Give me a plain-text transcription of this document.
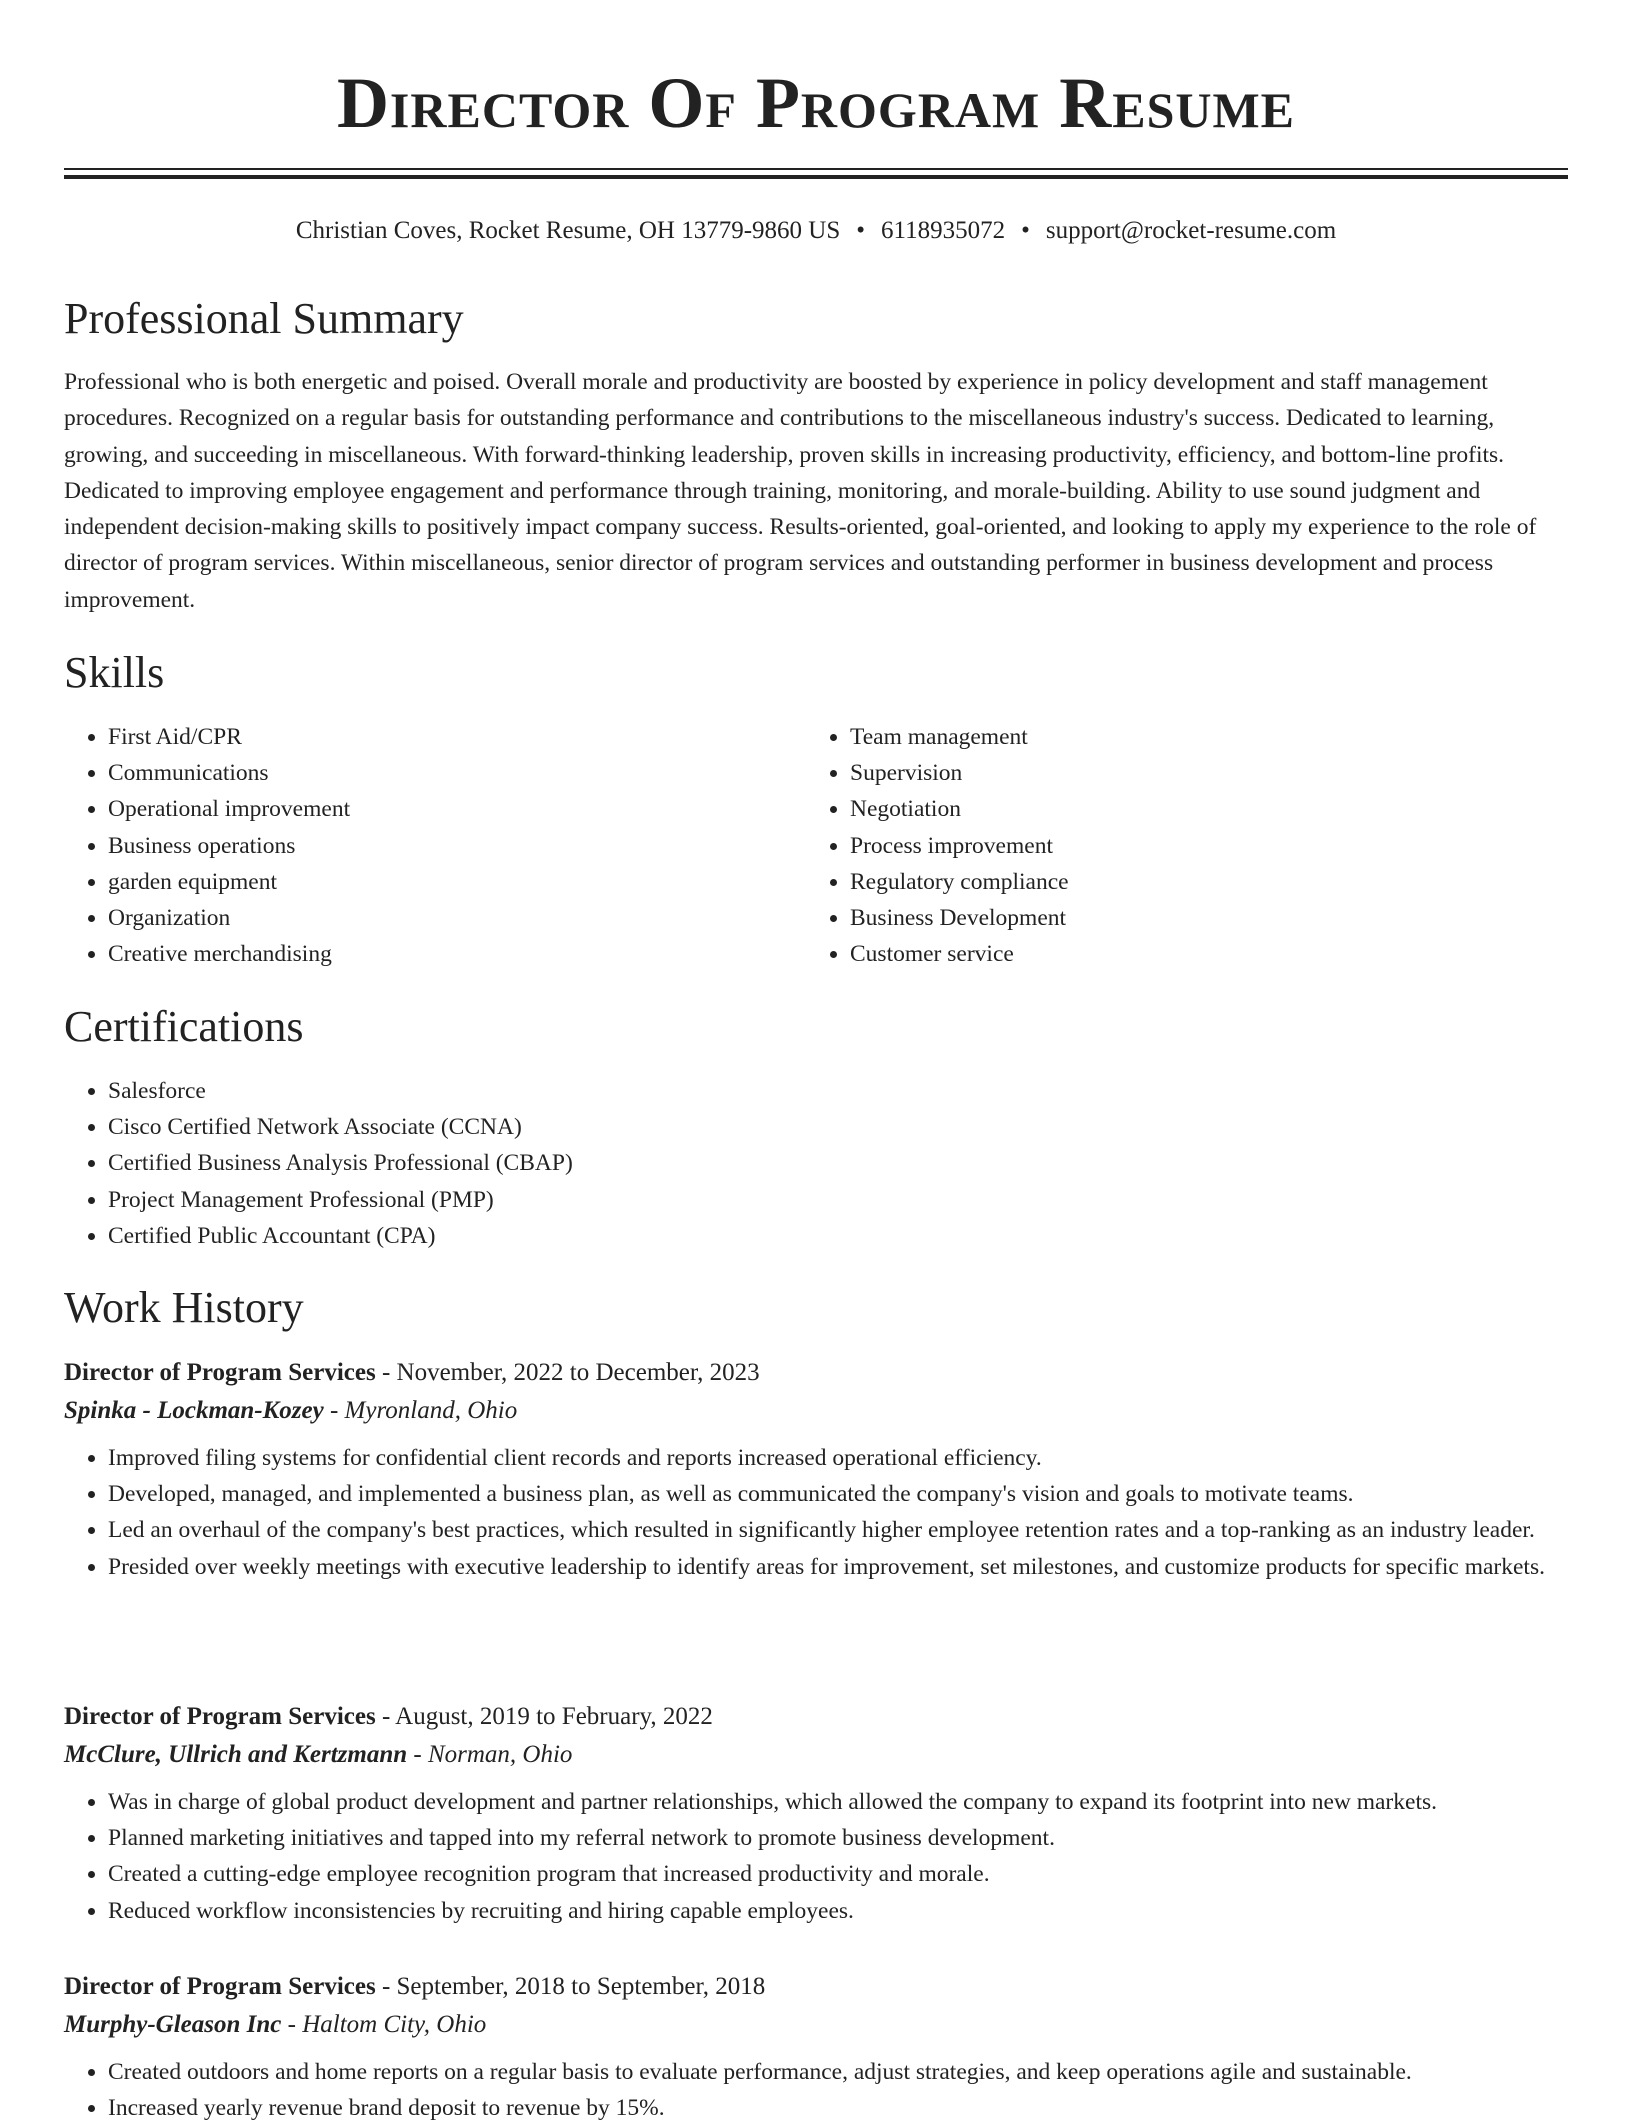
Director Of Program Resume
Christian Coves, Rocket Resume, OH 13779-9860 US • 6118935072 • support@rocket-resume.com
Professional Summary

Professional who is both energetic and poised. Overall morale and productivity are boosted by experience in policy development and staff management procedures. Recognized on a regular basis for outstanding performance and contributions to the miscellaneous industry's success. Dedicated to learning, growing, and succeeding in miscellaneous. With forward-thinking leadership, proven skills in increasing productivity, efficiency, and bottom-line profits. Dedicated to improving employee engagement and performance through training, monitoring, and morale-building. Ability to use sound judgment and independent decision-making skills to positively impact company success. Results-oriented, goal-oriented, and looking to apply my experience to the role of director of program services. Within miscellaneous, senior director of program services and outstanding performer in business development and process improvement.

Skills
• First Aid/CPR
• Communications
• Operational improvement
• Business operations
• garden equipment
• Organization
• Creative merchandising
• Team management
• Supervision
• Negotiation
• Process improvement
• Regulatory compliance
• Business Development
• Customer service
Certifications
• Salesforce
• Cisco Certified Network Associate (CCNA)
• Certified Business Analysis Professional (CBAP)
• Project Management Professional (PMP)
• Certified Public Accountant (CPA)
Work History
Director of Program Services - November, 2022 to December, 2023
Spinka - Lockman-Kozey - Myronland, Ohio
• Improved filing systems for confidential client records and reports increased operational efficiency.
• Developed, managed, and implemented a business plan, as well as communicated the company's vision and goals to motivate teams.
• Led an overhaul of the company's best practices, which resulted in significantly higher employee retention rates and a top-ranking as an industry leader.
• Presided over weekly meetings with executive leadership to identify areas for improvement, set milestones, and customize products for specific markets.
Director of Program Services - August, 2019 to February, 2022
McClure, Ullrich and Kertzmann - Norman, Ohio
• Was in charge of global product development and partner relationships, which allowed the company to expand its footprint into new markets.
• Planned marketing initiatives and tapped into my referral network to promote business development.
• Created a cutting-edge employee recognition program that increased productivity and morale.
• Reduced workflow inconsistencies by recruiting and hiring capable employees.
Director of Program Services - September, 2018 to September, 2018
Murphy-Gleason Inc - Haltom City, Ohio
• Created outdoors and home reports on a regular basis to evaluate performance, adjust strategies, and keep operations agile and sustainable.
• Increased yearly revenue brand deposit to revenue by 15%.
